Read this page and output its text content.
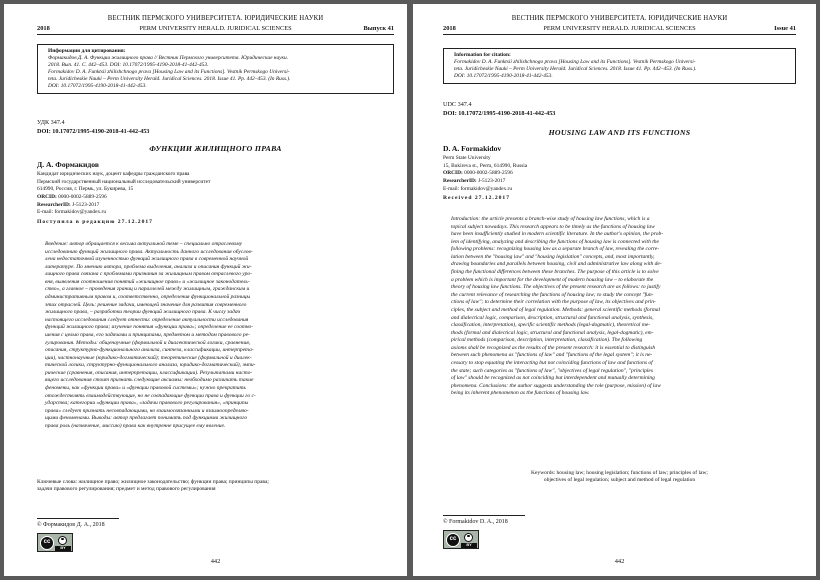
ВЕСТНИК ПЕРМСКОГО УНИВЕРСИТЕТА. ЮРИДИЧЕСКИЕ НАУКИ
2018	PERM UNIVERSITY HERALD. JURIDICAL SCIENCES	Выпуск 41
Информация для цитирования:
Формакидов Д. А. Функции жилищного права // Вестник Пермского университета. Юридические науки.
2018. Вып. 41. С. 442–453. DOI: 10.17072/1995-4190-2018-41-442-453.
Formakidov D. A. Funktsii zhilishchnogo prava [Housing Law and its Functions]. Vestnik Permskogo Universi-
teta. Juridicheskie Nauki – Perm University Herald. Juridical Sciences. 2018. Issue 41. Pp. 442–453. (In Russ.).
DOI: 10.17072/1995-4190-2018-41-442-453.
УДК 347.4
DOI: 10.17072/1995-4190-2018-41-442-453
ФУНКЦИИ ЖИЛИЩНОГО ПРАВА
Д. А. Формакидов
Кандидат юридических наук, доцент кафедры гражданского права
Пермский государственный национальный исследовательский университет
614990, Россия, г. Пермь, ул. Букирева, 15
ORCID: 0000-0002-5889-2596
ResearcherID: J-5123-2017
E-mail: formakidov@yandex.ru
Поступила в редакцию 27.12.2017
Введение: автор обращается к весьма актуальной теме – специально отраслевому
исследованию функций жилищного права. Актуальность данного исследования обуслов-
лена недостаточной изученностью функций жилищного права в современной научной
литературе. По мнению автора, проблема выделения, анализа и описания функций жи-
лищного права связана с проблемами признания за жилищным правом отраслевого уро-
вня, выявления соотношения понятий «жилищное право» и «жилищное законодатель-
ство», а главное – проведения границ и параллелей между жилищным, гражданским и
административным правом и, соответственно, определения функциональной разницы
этих отраслей. Цель: решение задачи, имеющей значение для развития современного
жилищного права, – разработки теории функций жилищного права. К числу задач
настоящего исследования следует отнести: определение актуальности исследования
функций жилищного права; изучение понятия «функции права»; определение ее соотно-
шения с целью права, его задачами и принципами, предметом и методом правового ре-
гулирования. Методы: общенаучные (формальной и диалектической логики, сравнения,
описания, структурно-функционального анализа, синтеза, классификации, интерпрета-
ции), частнонаучные (юридико-догматический); теоретические (формальной и диалек-
тической логики, структурно-функционального анализа, юридико-догматический), эмпи-
рические (сравнения, описания, интерпретации, классификации). Результатами насто-
ящего исследования стоит признать следующие аксиомы: необходимо различать такие
феномены, как «функции права» и «функции правовой системы»; нужно прекратить
отождествлять взаимодействующие, но не совпадающие функции права и функции го с-
ударства; категории «функции права», «задачи правового регулирования», «принципы
права» следует признать несовпадающими, но взаимосвязанными и взаимоопределяю-
щими феноменами. Выводы: автор предлагает понимать под функциями жилищного
права роль (назначение, миссию) права как внутренне присущее ему явление.
Ключевые слова: жилищное право; жилищное законодательство; функции права; принципы права;
задачи правового регулирования; предмет и метод правового регулирования
© Формакидов Д. А., 2018
cc
BY
442
ВЕСТНИК ПЕРМСКОГО УНИВЕРСИТЕТА. ЮРИДИЧЕСКИЕ НАУКИ
2018	PERM UNIVERSITY HERALD. JURIDICAL SCIENCES	Issue 41
Information for citation:
Formakidov D. A. Funktsii zhilishchnogo prava [Housing Law and its Functions]. Vestnik Permskogo Universi-
teta. Juridicheskie Nauki – Perm University Herald. Juridical Sciences. 2018. Issue 41. Pp. 442–453. (In Russ.).
DOI: 10.17072/1995-4190-2018-41-442-453.
UDC 347.4
DOI: 10.17072/1995-4190-2018-41-442-453
HOUSING LAW AND ITS FUNCTIONS
D. A. Formakidov
Perm State University
15, Bukireva st., Perm, 614990, Russia
ORCID: 0000-0002-5889-2596
ResearcherID: J-5123-2017
E-mail: formakidov@yandex.ru
Received 27.12.2017
Introduction: the article presents a branch-wise study of housing law functions, which is a
topical subject nowadays. This research appears to be timely as the functions of housing law
have been insufficiently studied in modern scientific literature. In the author's opinion, the prob-
lem of identifying, analyzing and describing the functions of housing law is connected with the
following problems: recognizing housing law as a separate branch of law, revealing the corre-
lation between the "housing law" and "housing legislation" concepts, and, most importantly,
drawing boundaries and parallels between housing, civil and administrative law along with de-
fining the functional differences between these branches. The purpose of this article is to solve
a problem which is important for the development of modern housing law – to elaborate the
theory of housing law functions. The objectives of the present research are as follows: to justify
the current relevance of researching the functions of housing law; to study the concept "fun-
ctions of law"; to determine their correlation with the purpose of law, its objectives and prin-
ciples, the subject and method of legal regulation. Methods: general scientific methods (formal
and dialectical logic, comparison, description, structural and functional analysis, synthesis,
classification, interpretation), specific scientific methods (legal-dogmatic), theoretical me-
thods (formal and dialectical logic, structural and functional analysis, legal-dogmatic), em-
pirical methods (comparison, description, interpretation, classification). The following
axioms shall be recognized as the results of the present research: it is essential to distinguish
between such phenomena as "functions of law" and "functions of the legal system"; it is ne-
cessary to stop equating the interacting but not coinciding functions of law and functions of
the state; such categories as "functions of law", "objectives of legal regulation", "principles
of law" should be recognized as not coinciding but interdependent and mutually determining
phenomena. Conclusions: the author suggests understanding the role (purpose, mission) of law
being its inherent phenomenon as the functions of housing law.
Keywords: housing law; housing legislation; functions of law; principles of law;
objectives of legal regulation; subject and method of legal regulation
© Formakidov D. A., 2018
cc
BY
442
